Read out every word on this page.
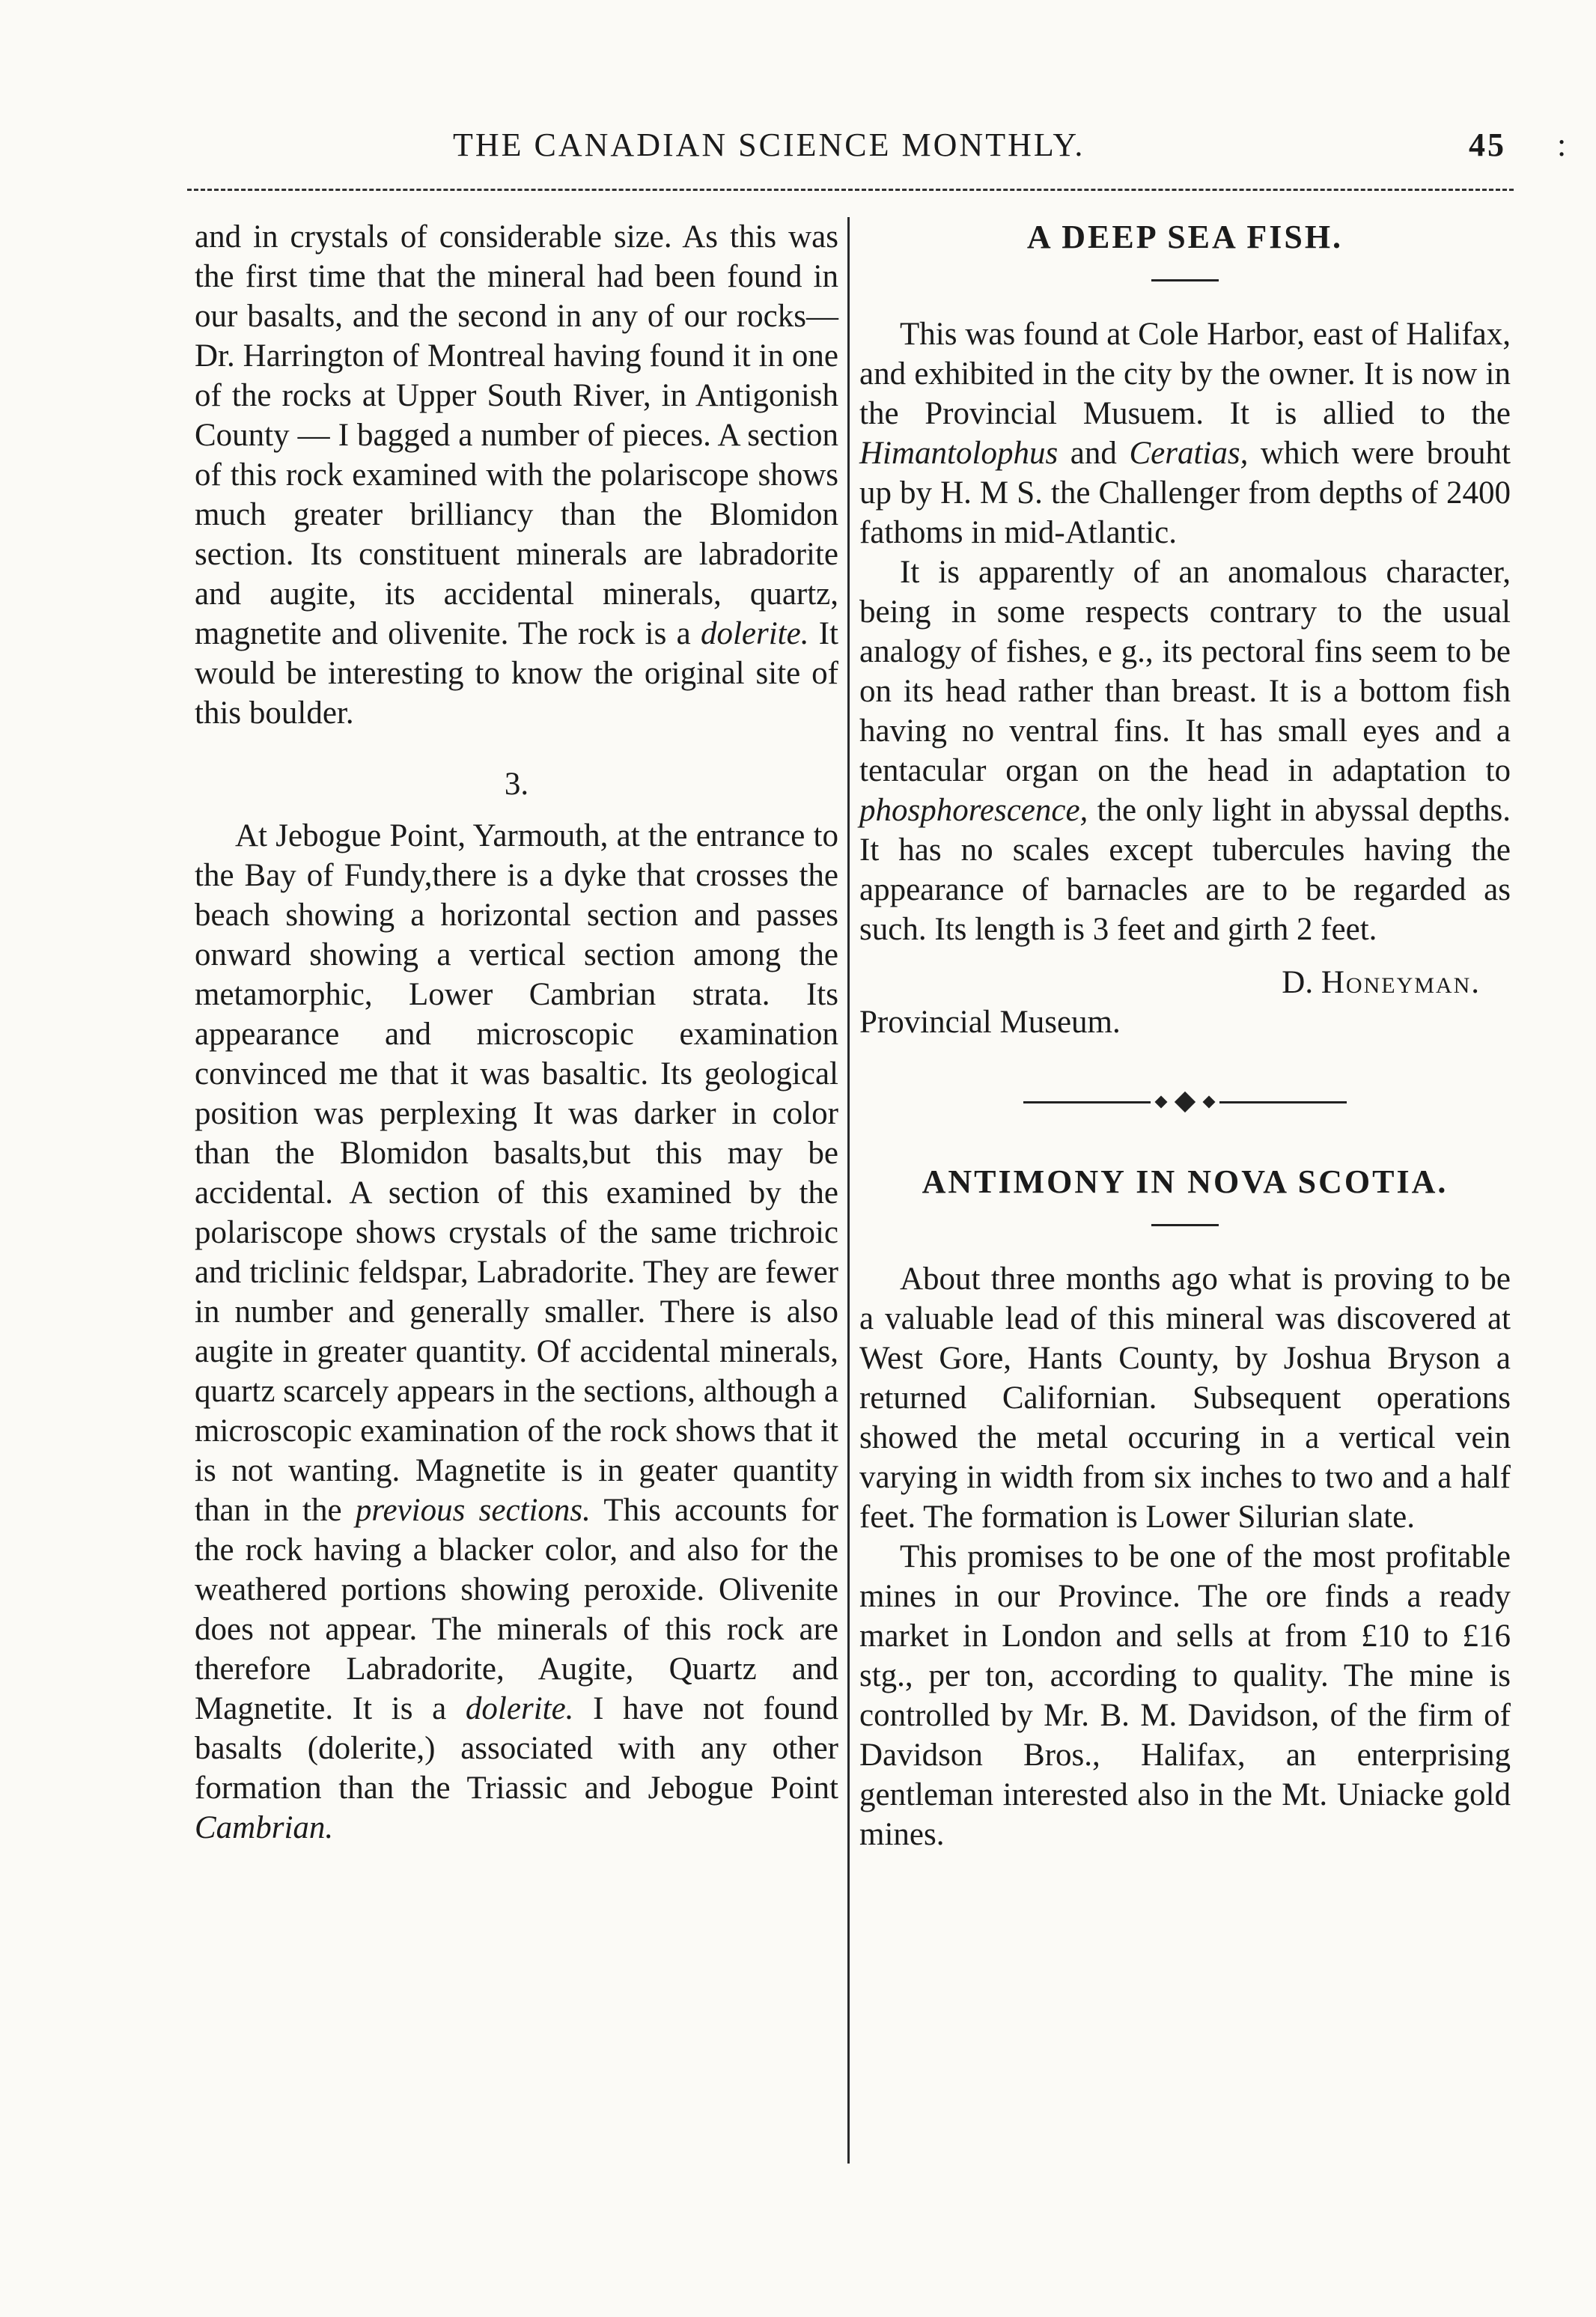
THE CANADIAN SCIENCE MONTHLY.	:
45

and in crystals of considerable size. As this was the first time that the mineral had been found in our basalts, and the second in any of our rocks—Dr. Harrington of Montreal having found it in one of the rocks at Upper South River, in Antigonish County — I bagged a number of pieces. A section of this rock examined with the polariscope shows much greater brilliancy than the Blomidon section. Its constituent minerals are labradorite and augite, its accidental minerals, quartz, magnetite and olivenite. The rock is a dolerite. It would be interesting to know the original site of this boulder.

3.

At Jebogue Point, Yarmouth, at the entrance to the Bay of Fundy,there is a dyke that crosses the beach showing a horizontal section and passes onward showing a vertical section among the metamorphic, Lower Cambrian strata. Its appearance and microscopic examination convinced me that it was basaltic. Its geological position was perplexing It was darker in color than the Blomidon basalts,but this may be accidental. A section of this examined by the polariscope shows crystals of the same trichroic and triclinic feldspar, Labradorite. They are fewer in number and generally smaller. There is also augite in greater quantity. Of accidental minerals, quartz scarcely appears in the sections, although a microscopic examination of the rock shows that it is not wanting. Magnetite is in geater quantity than in the previous sections. This accounts for the rock having a blacker color, and also for the weathered portions showing peroxide. Olivenite does not appear. The minerals of this rock are therefore Labradorite, Augite, Quartz and Magnetite. It is a dolerite. I have not found basalts (dolerite,) associated with any other formation than the Triassic and Jebogue Point Cambrian.

A DEEP SEA FISH.

This was found at Cole Harbor, east of Halifax, and exhibited in the city by the owner. It is now in the Provincial Musuem. It is allied to the Himantolophus and Ceratias, which were brouht up by H. M S. the Challenger from depths of 2400 fathoms in mid-Atlantic.

It is apparently of an anomalous character, being in some respects contrary to the usual analogy of fishes, e g., its pectoral fins seem to be on its head rather than breast. It is a bottom fish having no ventral fins. It has small eyes and a tentacular organ on the head in adaptation to phosphorescence, the only light in abyssal depths. It has no scales except tubercules having the appearance of barnacles are to be regarded as such. Its length is 3 feet and girth 2 feet.

D. Honeyman.

Provincial Museum.

ANTIMONY IN NOVA SCOTIA.

About three months ago what is proving to be a valuable lead of this mineral was discovered at West Gore, Hants County, by Joshua Bryson a returned Californian. Subsequent operations showed the metal occuring in a vertical vein varying in width from six inches to two and a half feet. The formation is Lower Silurian slate.

This promises to be one of the most profitable mines in our Province. The ore finds a ready market in London and sells at from £10 to £16 stg., per ton, according to quality. The mine is controlled by Mr. B. M. Davidson, of the firm of Davidson Bros., Halifax, an enterprising gentleman interested also in the Mt. Uniacke gold mines.
